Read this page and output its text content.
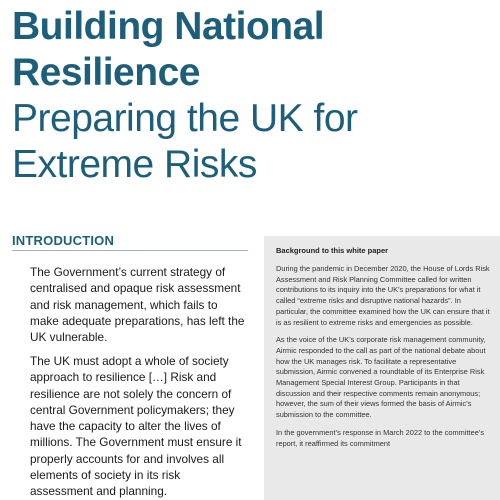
Building National Resilience
Preparing the UK for Extreme Risks
INTRODUCTION

The Government’s current strategy of centralised and opaque risk assessment and risk management, which fails to make adequate preparations, has left the UK vulnerable.

The UK must adopt a whole of society approach to resilience […] Risk and resilience are not solely the concern of central Government policymakers; they have the capacity to alter the lives of millions. The Government must ensure it properly accounts for and involves all elements of society in its risk assessment and planning.

Background to this white paper

During the pandemic in December 2020, the House of Lords Risk Assessment and Risk Planning Committee called for written contributions to its inquiry into the UK’s preparations for what it called “extreme risks and disruptive national hazards”. In particular, the committee examined how the UK can ensure that it is as resilient to extreme risks and emergencies as possible.

As the voice of the UK’s corporate risk management community, Airmic responded to the call as part of the national debate about how the UK manages risk. To facilitate a representative submission, Airmic convened a roundtable of its Enterprise Risk Management Special Interest Group. Participants in that discussion and their respective comments remain anonymous; however, the sum of their views formed the basis of Airmic’s submission to the committee.

In the government’s response in March 2022 to the committee’s report, it reaffirmed its commitment
